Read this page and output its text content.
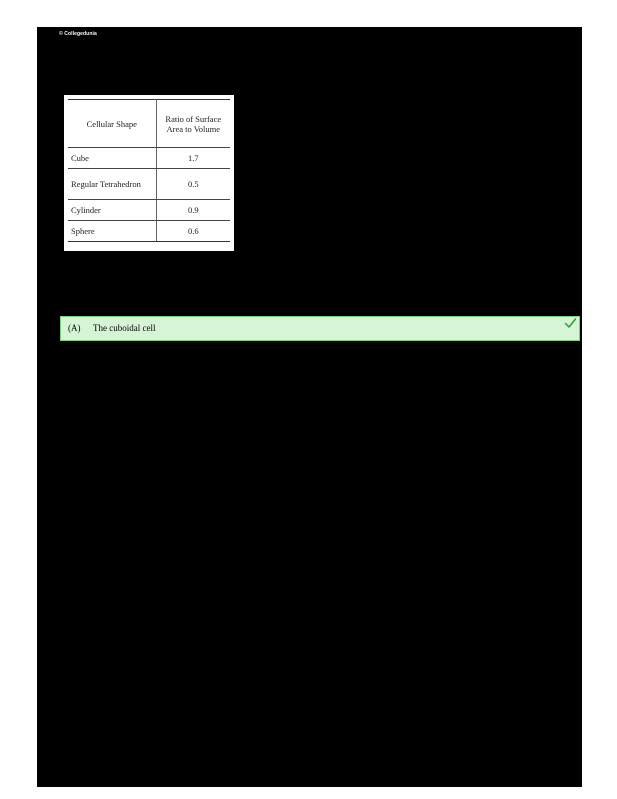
© Collegedunia
Cellular Shape	Ratio of Surface Area to Volume
Cube	1.7
Regular Tetrahedron	0.5
Cylinder	0.9
Sphere	0.6
(A) The cuboidal cell
